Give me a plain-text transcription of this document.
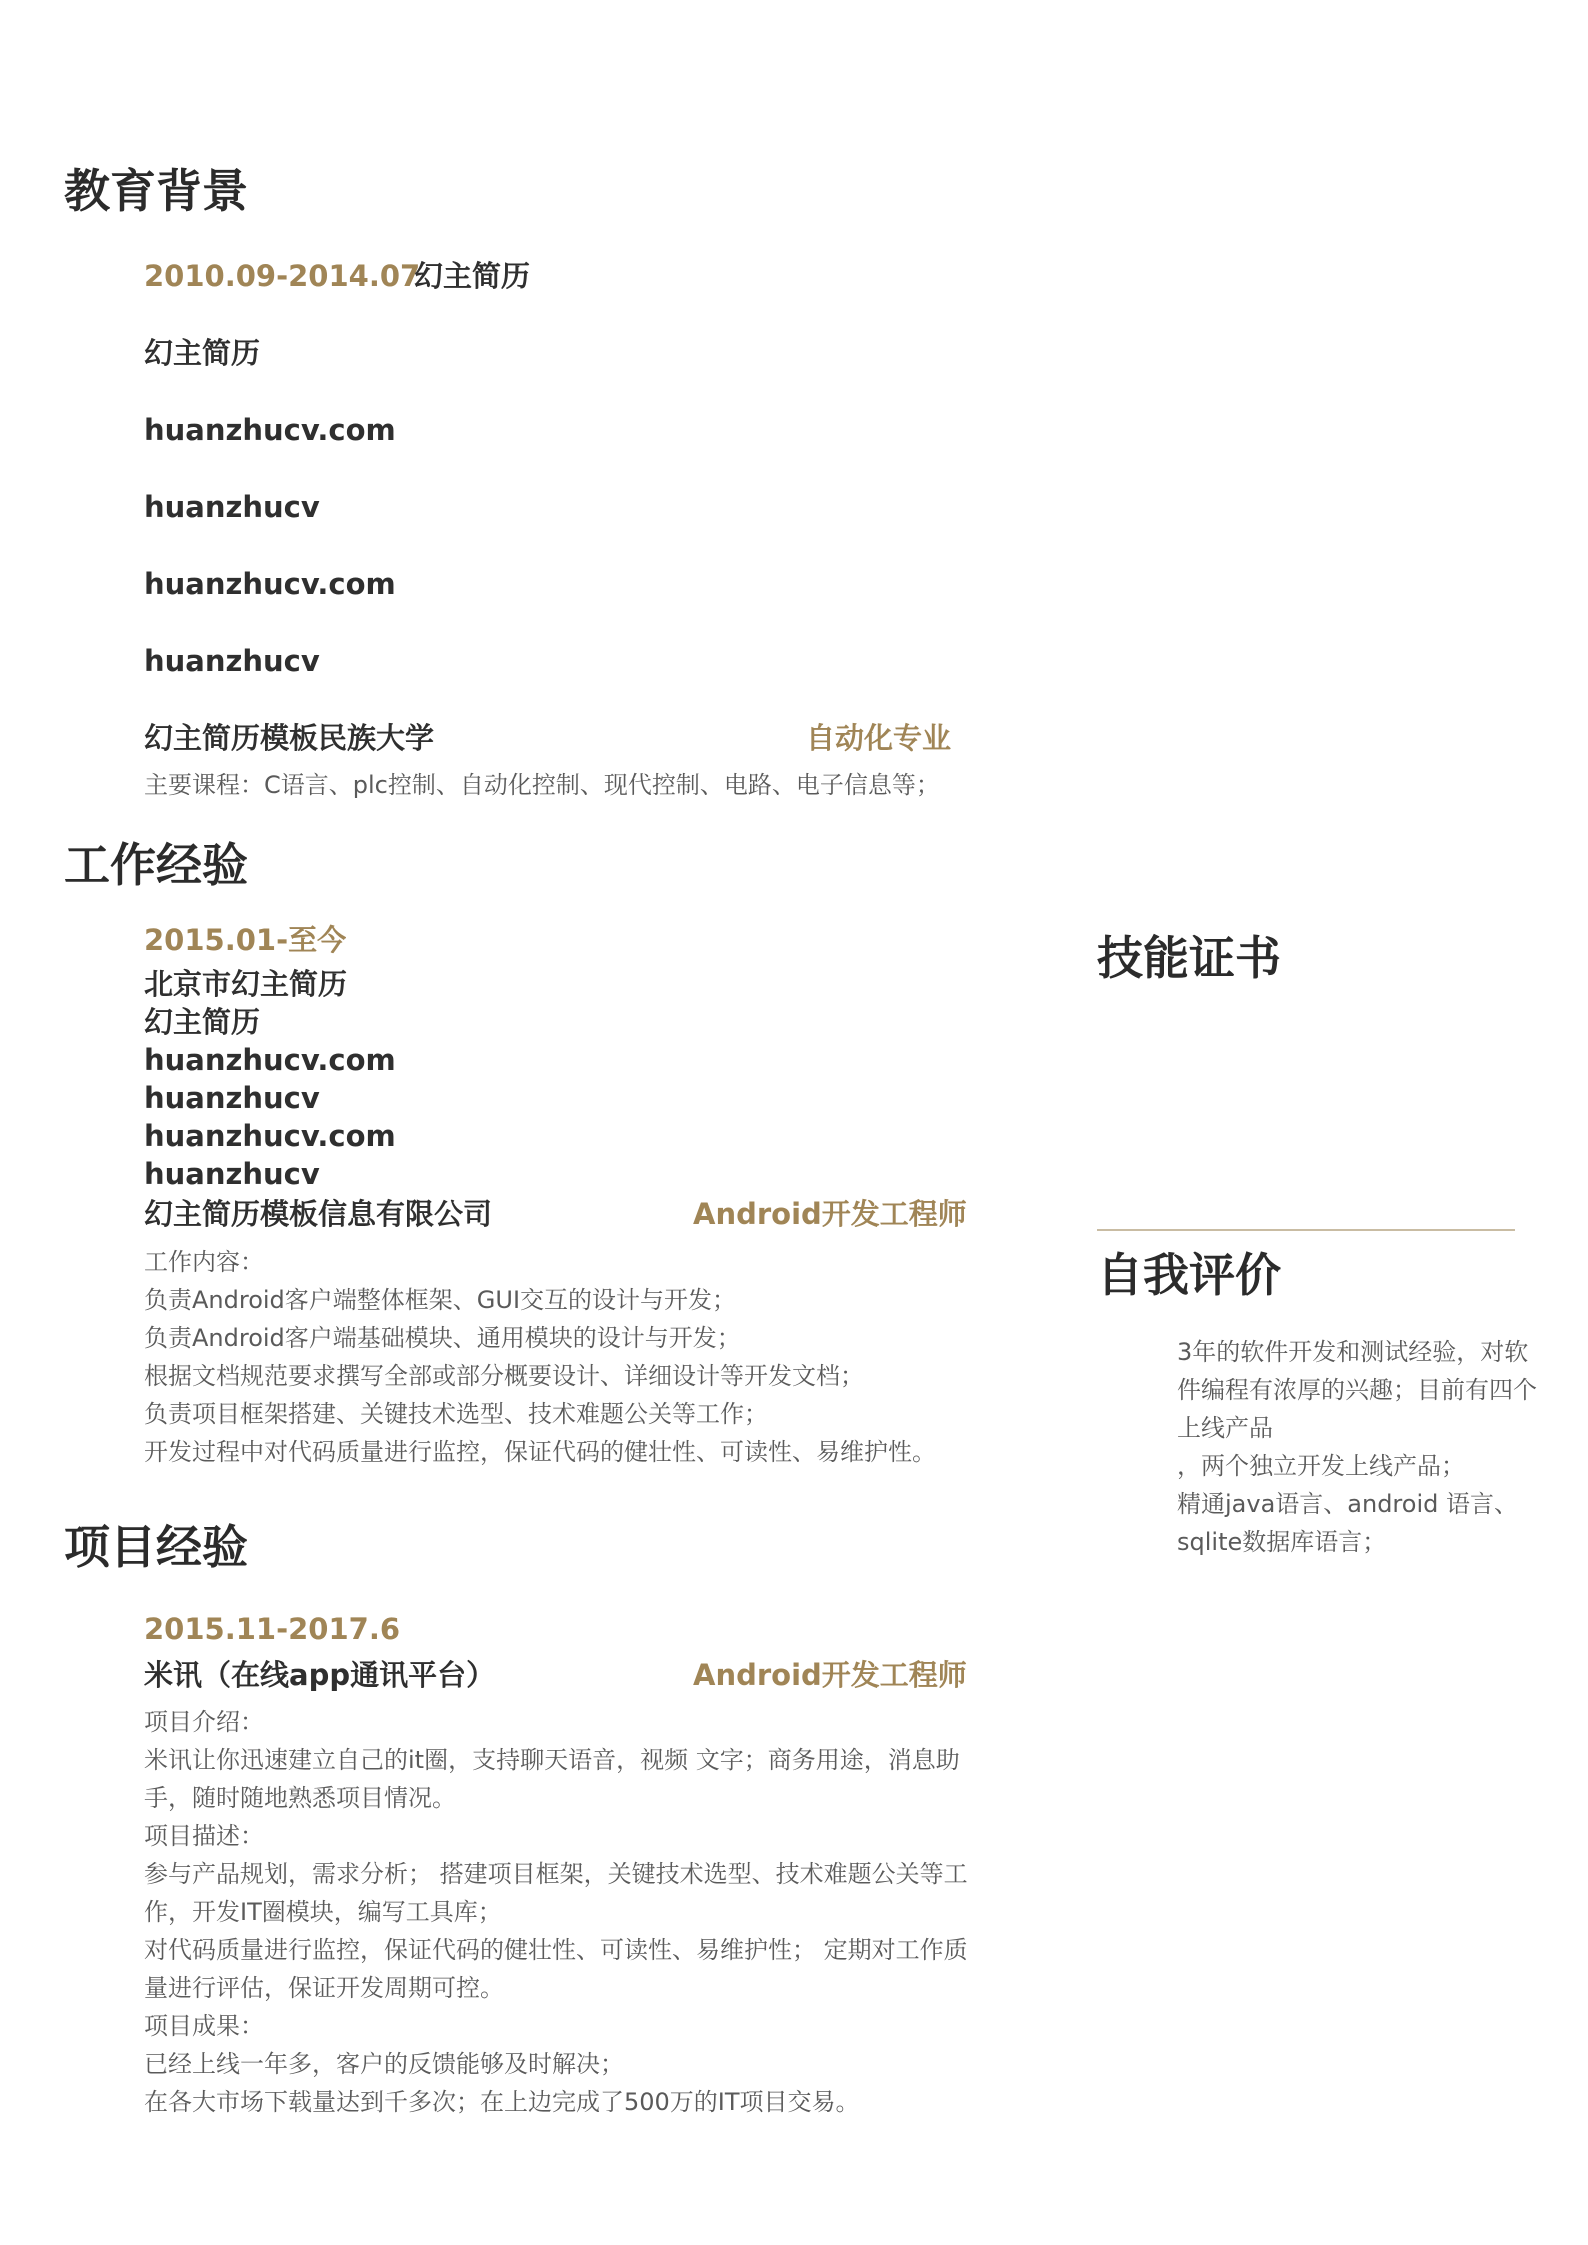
教育背景
2010.09-2014.07
幻主简历
幻主简历
huanzhucv.com
huanzhucv
huanzhucv.com
huanzhucv
幻主简历模板民族大学	自动化专业

主要课程：C语言、plc控制、自动化控制、现代控制、电路、电子信息等；

工作经验
2015.01-至今
北京市幻主简历
幻主简历
huanzhucv.com
huanzhucv
huanzhucv.com
huanzhucv
幻主简历模板信息有限公司	Android开发工程师

工作内容：

负责Android客户端整体框架、GUI交互的设计与开发；

负责Android客户端基础模块、通用模块的设计与开发；

根据文档规范要求撰写全部或部分概要设计、详细设计等开发文档；

负责项目框架搭建、关键技术选型、技术难题公关等工作；

开发过程中对代码质量进行监控，保证代码的健壮性、可读性、易维护性。

项目经验
2015.11-2017.6
米讯（在线app通讯平台）	Android开发工程师

项目介绍：

米讯让你迅速建立自己的it圈，支持聊天语音，视频 文字；商务用途，消息助

手，随时随地熟悉项目情况。

项目描述：

参与产品规划，需求分析； 搭建项目框架，关键技术选型、技术难题公关等工

作，开发IT圈模块，编写工具库；

对代码质量进行监控，保证代码的健壮性、可读性、易维护性； 定期对工作质

量进行评估，保证开发周期可控。

项目成果：

已经上线一年多，客户的反馈能够及时解决；

在各大市场下载量达到千多次；在上边完成了500万的IT项目交易。

技能证书
自我评价

3年的软件开发和测试经验，对软

件编程有浓厚的兴趣；目前有四个

上线产品

，两个独立开发上线产品；

精通java语言、android 语言、

sqlite数据库语言；
